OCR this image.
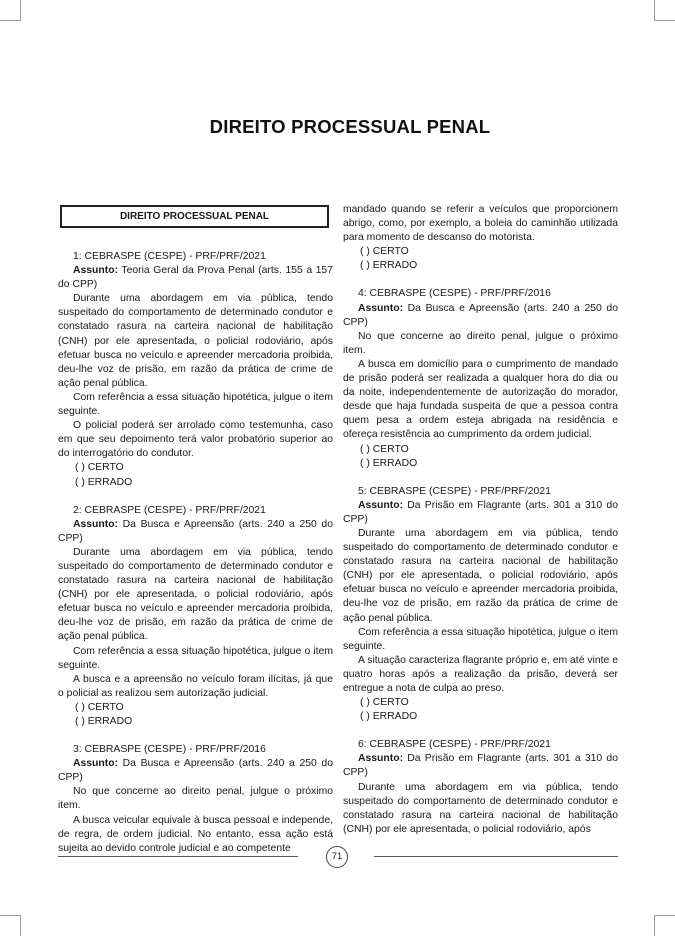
DIREITO PROCESSUAL PENAL
DIREITO PROCESSUAL PENAL

1: CEBRASPE (CESPE) - PRF/PRF/2021

Assunto: Teoria Geral da Prova Penal (arts. 155 a 157 do CPP)

Durante uma abordagem em via pública, tendo suspeitado do comportamento de determinado condutor e constatado rasura na carteira nacional de habilitação (CNH) por ele apresentada, o policial rodoviário, após efetuar busca no veículo e apreender mercadoria proibida, deu-lhe voz de prisão, em razão da prática de crime de ação penal pública.

Com referência a essa situação hipotética, julgue o item seguinte.

O policial poderá ser arrolado como testemunha, caso em que seu depoimento terá valor probatório superior ao do interrogatório do condutor.

( ) CERTO

( ) ERRADO

2: CEBRASPE (CESPE) - PRF/PRF/2021

Assunto: Da Busca e Apreensão (arts. 240 a 250 do CPP)

Durante uma abordagem em via pública, tendo suspeitado do comportamento de determinado condutor e constatado rasura na carteira nacional de habilitação (CNH) por ele apresentada, o policial rodoviário, após efetuar busca no veículo e apreender mercadoria proibida, deu-lhe voz de prisão, em razão da prática de crime de ação penal pública.

Com referência a essa situação hipotética, julgue o item seguinte.

A busca e a apreensão no veículo foram ilícitas, já que o policial as realizou sem autorização judicial.

( ) CERTO

( ) ERRADO

3: CEBRASPE (CESPE) - PRF/PRF/2016

Assunto: Da Busca e Apreensão (arts. 240 a 250 do CPP)

No que concerne ao direito penal, julgue o próximo item.

A busca veicular equivale à busca pessoal e independe, de regra, de ordem judicial. No entanto, essa ação está sujeita ao devido controle judicial e ao competente

mandado quando se referir a veículos que proporcionem abrigo, como, por exemplo, a boleia do caminhão utilizada para momento de descanso do motorista.

( ) CERTO

( ) ERRADO

4: CEBRASPE (CESPE) - PRF/PRF/2016

Assunto: Da Busca e Apreensão (arts. 240 a 250 do CPP)

No que concerne ao direito penal, julgue o próximo item.

A busca em domicílio para o cumprimento de mandado de prisão poderá ser realizada a qualquer hora do dia ou da noite, independentemente de autorização do morador, desde que haja fundada suspeita de que a pessoa contra quem pesa a ordem esteja abrigada na residência e ofereça resistência ao cumprimento da ordem judicial.

( ) CERTO

( ) ERRADO

5: CEBRASPE (CESPE) - PRF/PRF/2021

Assunto: Da Prisão em Flagrante (arts. 301 a 310 do CPP)

Durante uma abordagem em via pública, tendo suspeitado do comportamento de determinado condutor e constatado rasura na carteira nacional de habilitação (CNH) por ele apresentada, o policial rodoviário, após efetuar busca no veículo e apreender mercadoria proibida, deu-lhe voz de prisão, em razão da prática de crime de ação penal pública.

Com referência a essa situação hipotética, julgue o item seguinte.

A situação caracteriza flagrante próprio e, em até vinte e quatro horas após a realização da prisão, deverá ser entregue a nota de culpa ao preso.

( ) CERTO

( ) ERRADO

6: CEBRASPE (CESPE) - PRF/PRF/2021

Assunto: Da Prisão em Flagrante (arts. 301 a 310 do CPP)

Durante uma abordagem em via pública, tendo suspeitado do comportamento de determinado condutor e constatado rasura na carteira nacional de habilitação (CNH) por ele apresentada, o policial rodoviário, após

71
